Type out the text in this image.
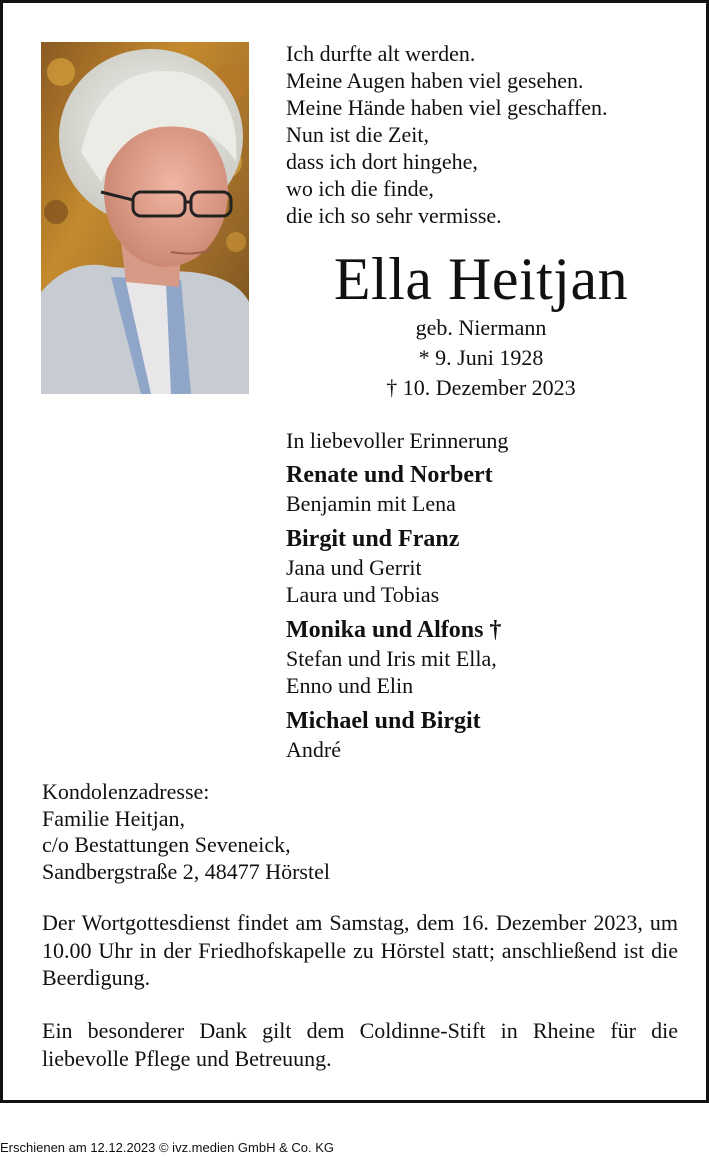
Ich durfte alt werden.
Meine Augen haben viel gesehen.
Meine Hände haben viel geschaffen.
Nun ist die Zeit,
dass ich dort hingehe,
wo ich die finde,
die ich so sehr vermisse.
Ella Heitjan
geb. Niermann
* 9. Juni 1928
† 10. Dezember 2023
In liebevoller Erinnerung
Renate und Norbert
Benjamin mit Lena
Birgit und Franz
Jana und Gerrit
Laura und Tobias
Monika und Alfons †
Stefan und Iris mit Ella,
Enno und Elin
Michael und Birgit
André
Kondolenzadresse:
Familie Heitjan,
c/o Bestattungen Seveneick,
Sandbergstraße 2, 48477 Hörstel
Der Wortgottesdienst findet am Samstag, dem 16. Dezember 2023, um 10.00 Uhr in der Friedhofskapelle zu Hörstel statt; anschließend ist die Beerdigung.
Ein besonderer Dank gilt dem Coldinne-Stift in Rheine für die liebevolle Pflege und Betreuung.
Erschienen am 12.12.2023 © ivz.medien GmbH & Co. KG
